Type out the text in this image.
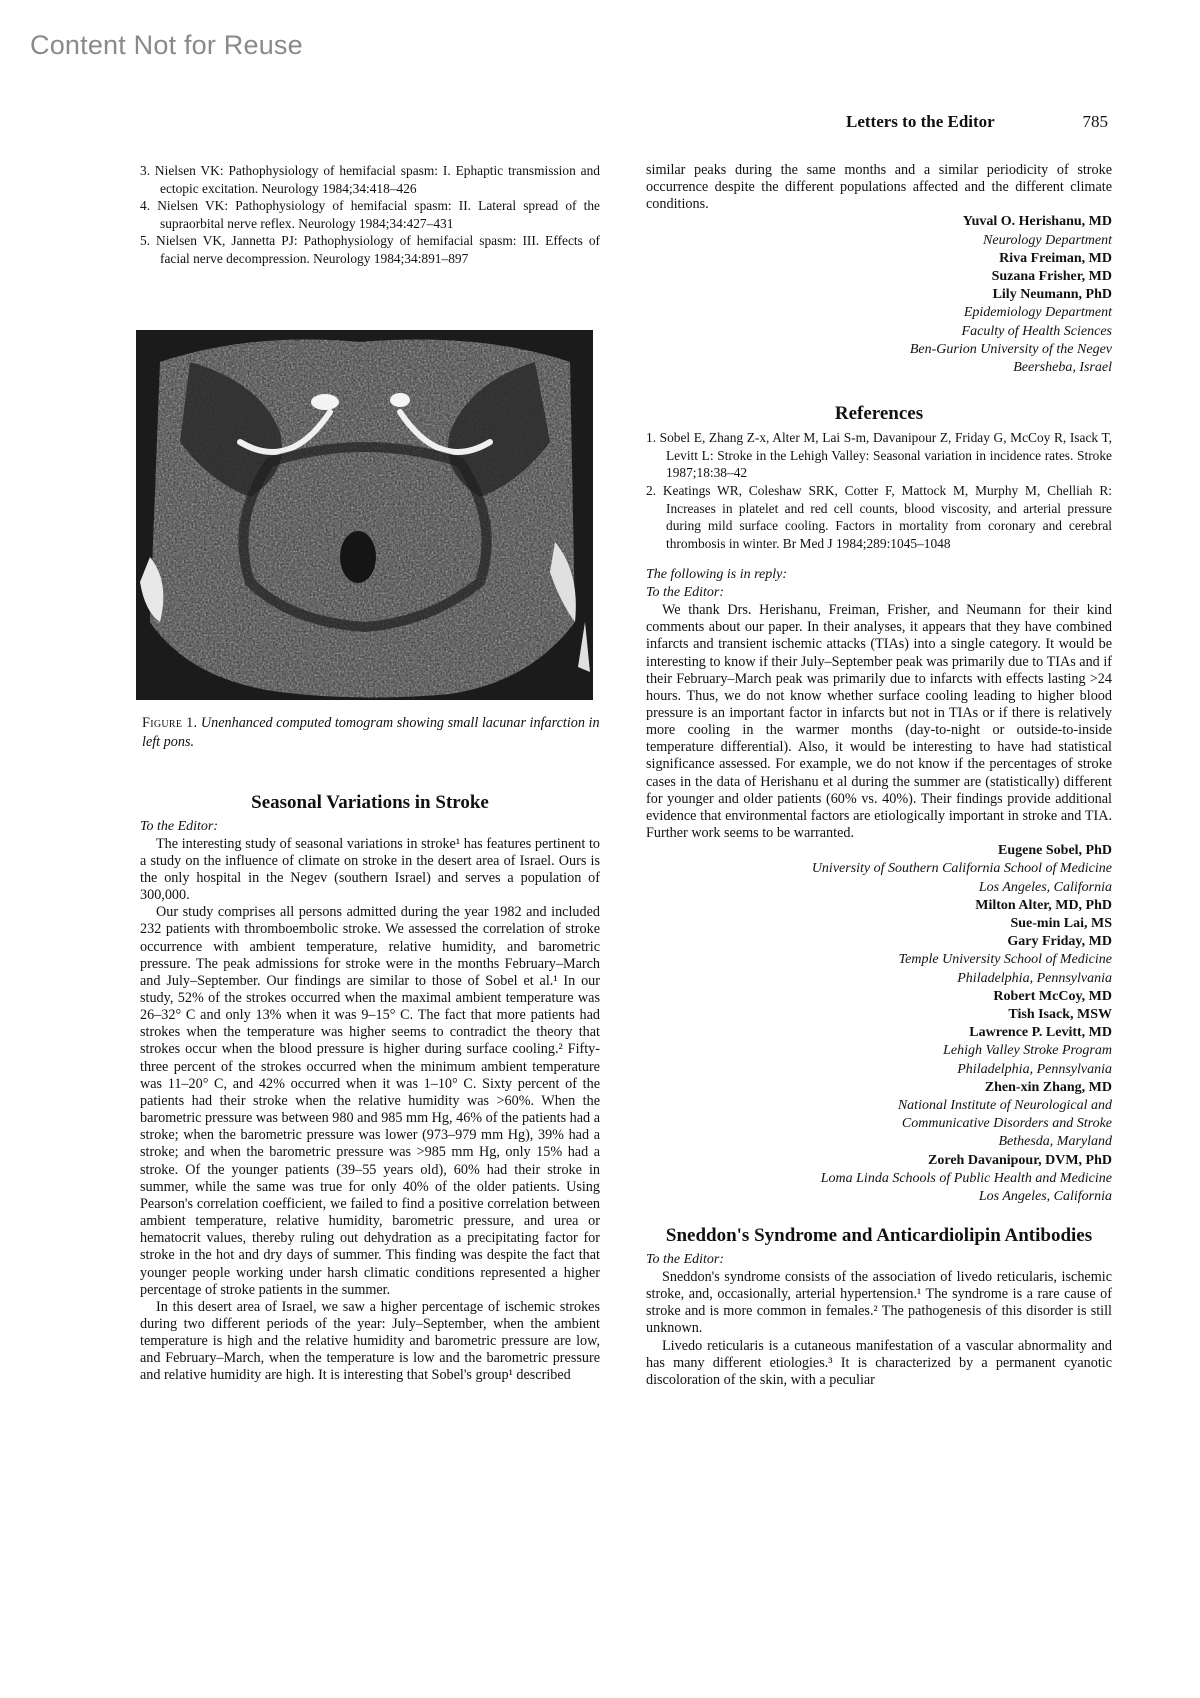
Content Not for Reuse
Letters to the Editor	785
3. Nielsen VK: Pathophysiology of hemifacial spasm: I. Ephaptic transmission and ectopic excitation. Neurology 1984;34:418–426
4. Nielsen VK: Pathophysiology of hemifacial spasm: II. Lateral spread of the supraorbital nerve reflex. Neurology 1984;34:427–431
5. Nielsen VK, Jannetta PJ: Pathophysiology of hemifacial spasm: III. Effects of facial nerve decompression. Neurology 1984;34:891–897
Figure 1. Unenhanced computed tomogram showing small lacunar infarction in left pons.
Seasonal Variations in Stroke

To the Editor:

The interesting study of seasonal variations in stroke¹ has features pertinent to a study on the influence of climate on stroke in the desert area of Israel. Ours is the only hospital in the Negev (southern Israel) and serves a population of 300,000.

Our study comprises all persons admitted during the year 1982 and included 232 patients with thromboembolic stroke. We assessed the correlation of stroke occurrence with ambient temperature, relative humidity, and barometric pressure. The peak admissions for stroke were in the months February–March and July–September. Our findings are similar to those of Sobel et al.¹ In our study, 52% of the strokes occurred when the maximal ambient temperature was 26–32° C and only 13% when it was 9–15° C. The fact that more patients had strokes when the temperature was higher seems to contradict the theory that strokes occur when the blood pressure is higher during surface cooling.² Fifty-three percent of the strokes occurred when the minimum ambient temperature was 11–20° C, and 42% occurred when it was 1–10° C. Sixty percent of the patients had their stroke when the relative humidity was >60%. When the barometric pressure was between 980 and 985 mm Hg, 46% of the patients had a stroke; when the barometric pressure was lower (973–979 mm Hg), 39% had a stroke; and when the barometric pressure was >985 mm Hg, only 15% had a stroke. Of the younger patients (39–55 years old), 60% had their stroke in summer, while the same was true for only 40% of the older patients. Using Pearson's correlation coefficient, we failed to find a positive correlation between ambient temperature, relative humidity, barometric pressure, and urea or hematocrit values, thereby ruling out dehydration as a precipitating factor for stroke in the hot and dry days of summer. This finding was despite the fact that younger people working under harsh climatic conditions represented a higher percentage of stroke patients in the summer.

In this desert area of Israel, we saw a higher percentage of ischemic strokes during two different periods of the year: July–September, when the ambient temperature is high and the relative humidity and barometric pressure are low, and February–March, when the temperature is low and the barometric pressure and relative humidity are high. It is interesting that Sobel's group¹ described

similar peaks during the same months and a similar periodicity of stroke occurrence despite the different populations affected and the different climate conditions.

Yuval O. Herishanu, MD
Neurology Department
Riva Freiman, MD
Suzana Frisher, MD
Lily Neumann, PhD
Epidemiology Department
Faculty of Health Sciences
Ben-Gurion University of the Negev
Beersheba, Israel
References
1. Sobel E, Zhang Z-x, Alter M, Lai S-m, Davanipour Z, Friday G, McCoy R, Isack T, Levitt L: Stroke in the Lehigh Valley: Seasonal variation in incidence rates. Stroke 1987;18:38–42
2. Keatings WR, Coleshaw SRK, Cotter F, Mattock M, Murphy M, Chelliah R: Increases in platelet and red cell counts, blood viscosity, and arterial pressure during mild surface cooling. Factors in mortality from coronary and cerebral thrombosis in winter. Br Med J 1984;289:1045–1048

The following is in reply:

To the Editor:

We thank Drs. Herishanu, Freiman, Frisher, and Neumann for their kind comments about our paper. In their analyses, it appears that they have combined infarcts and transient ischemic attacks (TIAs) into a single category. It would be interesting to know if their July–September peak was primarily due to TIAs and if their February–March peak was primarily due to infarcts with effects lasting >24 hours. Thus, we do not know whether surface cooling leading to higher blood pressure is an important factor in infarcts but not in TIAs or if there is relatively more cooling in the warmer months (day-to-night or outside-to-inside temperature differential). Also, it would be interesting to have had statistical significance assessed. For example, we do not know if the percentages of stroke cases in the data of Herishanu et al during the summer are (statistically) different for younger and older patients (60% vs. 40%). Their findings provide additional evidence that environmental factors are etiologically important in stroke and TIA. Further work seems to be warranted.

Eugene Sobel, PhD
University of Southern California School of Medicine
Los Angeles, California
Milton Alter, MD, PhD
Sue-min Lai, MS
Gary Friday, MD
Temple University School of Medicine
Philadelphia, Pennsylvania
Robert McCoy, MD
Tish Isack, MSW
Lawrence P. Levitt, MD
Lehigh Valley Stroke Program
Philadelphia, Pennsylvania
Zhen-xin Zhang, MD
National Institute of Neurological and
Communicative Disorders and Stroke
Bethesda, Maryland
Zoreh Davanipour, DVM, PhD
Loma Linda Schools of Public Health and Medicine
Los Angeles, California
Sneddon's Syndrome and Anticardiolipin Antibodies

To the Editor:

Sneddon's syndrome consists of the association of livedo reticularis, ischemic stroke, and, occasionally, arterial hypertension.¹ The syndrome is a rare cause of stroke and is more common in females.² The pathogenesis of this disorder is still unknown.

Livedo reticularis is a cutaneous manifestation of a vascular abnormality and has many different etiologies.³ It is characterized by a permanent cyanotic discoloration of the skin, with a peculiar
